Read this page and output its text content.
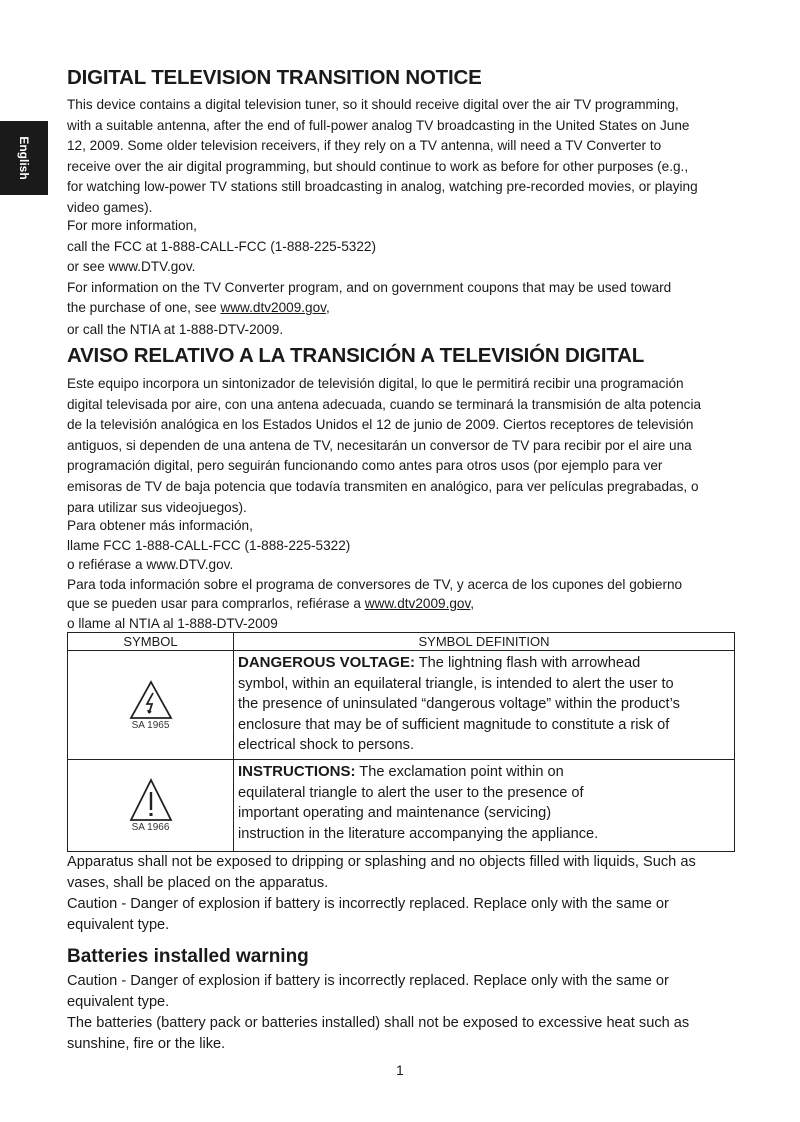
English
DIGITAL TELEVISION TRANSITION NOTICE
This device contains a digital television tuner, so it should receive digital over the air TV programming,
with a suitable antenna, after the end of full-power analog TV broadcasting in the United States on June
12, 2009. Some older television receivers, if they rely on a TV antenna, will need a TV Converter to
receive over the air digital programming, but should continue to work as before for other purposes (e.g.,
for watching low-power TV stations still broadcasting in analog, watching pre-recorded movies, or playing
video games).
For more information,
call the FCC at 1-888-CALL-FCC (1-888-225-5322)
or see www.DTV.gov.
For information on the TV Converter program, and on government coupons that may be used toward
the purchase of one, see www.dtv2009.gov,
or call the NTIA at 1-888-DTV-2009.
AVISO RELATIVO A LA TRANSICIÓN A TELEVISIÓN DIGITAL
Este equipo incorpora un sintonizador de televisión digital, lo que le permitirá recibir una programación
digital televisada por aire, con una antena adecuada, cuando se terminará la transmisión de alta potencia
de la televisión analógica en los Estados Unidos el 12 de junio de 2009. Ciertos receptores de televisión
antiguos, si dependen de una antena de TV, necesitarán un conversor de TV para recibir por el aire una
programación digital, pero seguirán funcionando como antes para otros usos (por ejemplo para ver
emisoras de TV de baja potencia que todavía transmiten en analógico, para ver películas pregrabadas, o
para utilizar sus videojuegos).
Para obtener más información,
llame FCC 1-888-CALL-FCC (1-888-225-5322)
o refiérase a www.DTV.gov.
Para toda información sobre el programa de conversores de TV, y acerca de los cupones del gobierno
que se pueden usar para comprarlos, refiérase a www.dtv2009.gov,
o llame al NTIA al 1-888-DTV-2009
SYMBOL	SYMBOL DEFINITION

SA 1965	DANGEROUS VOLTAGE: The lightning flash with arrowhead
symbol, within an equilateral triangle, is intended to alert the user to
the presence of uninsulated “dangerous voltage” within the product’s
enclosure that may be of sufficient magnitude to constitute a risk of
electrical shock to persons.

SA 1966	INSTRUCTIONS: The exclamation point within on
equilateral triangle to alert the user to the presence of
important operating and maintenance (servicing)
instruction in the literature accompanying the appliance.
Apparatus shall not be exposed to dripping or splashing and no objects filled with liquids, Such as
vases, shall be placed on the apparatus.
Caution - Danger of explosion if battery is incorrectly replaced. Replace only with the same or
equivalent type.
Batteries installed warning
Caution - Danger of explosion if battery is incorrectly replaced. Replace only with the same or
equivalent type.
The batteries (battery pack or batteries installed) shall not be exposed to excessive heat such as
sunshine, fire or the like.
1
